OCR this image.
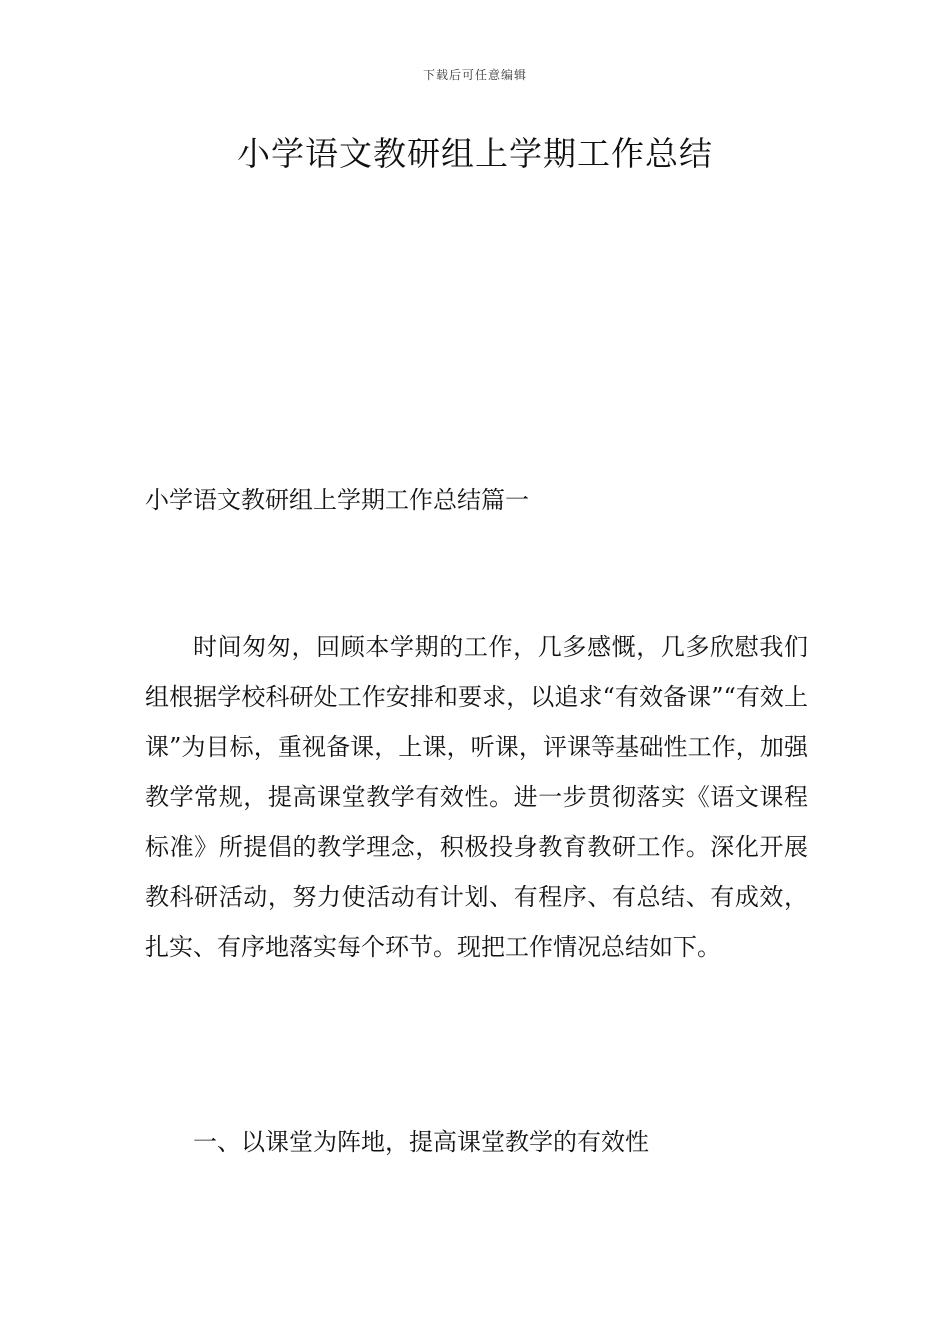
下载后可任意编辑
小学语文教研组上学期工作总结
小学语文教研组上学期工作总结篇一

时间匆匆，回顾本学期的工作，几多感慨，几多欣慰我们组根据学校科研处工作安排和要求，以追求“有效备课”“有效上课”为目标，重视备课，上课，听课，评课等基础性工作，加强教学常规，提高课堂教学有效性。进一步贯彻落实《语文课程标准》所提倡的教学理念，积极投身教育教研工作。深化开展教科研活动，努力使活动有计划、有程序、有总结、有成效，扎实、有序地落实每个环节。现把工作情况总结如下。

一、以课堂为阵地，提高课堂教学的有效性
